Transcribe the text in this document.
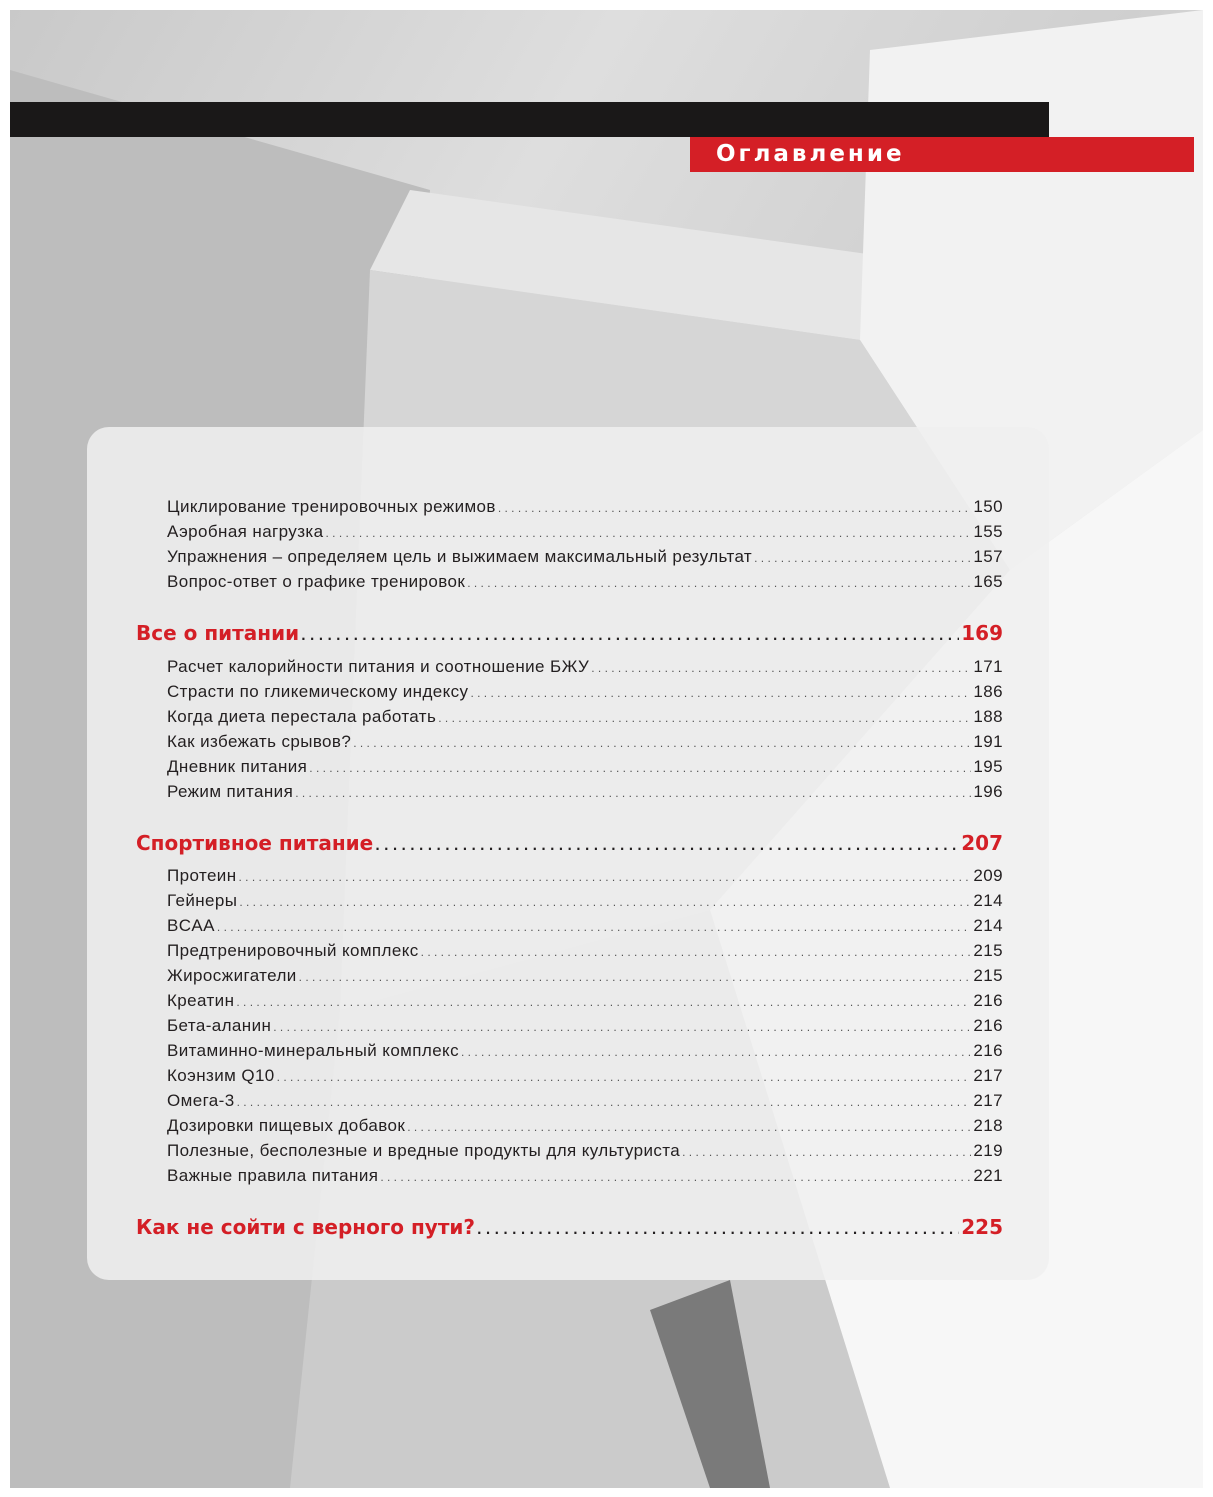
Оглавление
Циклирование тренировочных режимов . . .	150
Аэробная нагрузка . . .	155
Упражнения – определяем цель и выжимаем максимальный результат . . .	157
Вопрос-ответ о графике тренировок . . .	165
Все о питании . . .	169
Расчет калорийности питания и соотношение БЖУ . . .	171
Страсти по гликемическому индексу . . .	186
Когда диета перестала работать . . .	188
Как избежать срывов? . . .	191
Дневник питания . . .	195
Режим питания . . .	196
Спортивное питание . . .	207
Протеин . . .	209
Гейнеры . . .	214
BCAA . . .	214
Предтренировочный комплекс . . .	215
Жиросжигатели . . .	215
Креатин . . .	216
Бета-аланин . . .	216
Витаминно-минеральный комплекс . . .	216
Коэнзим Q10 . . .	217
Омега-3 . . .	217
Дозировки пищевых добавок . . .	218
Полезные, бесполезные и вредные продукты для культуриста . . .	219
Важные правила питания . . .	221
Как не сойти с верного пути? . . .	225
